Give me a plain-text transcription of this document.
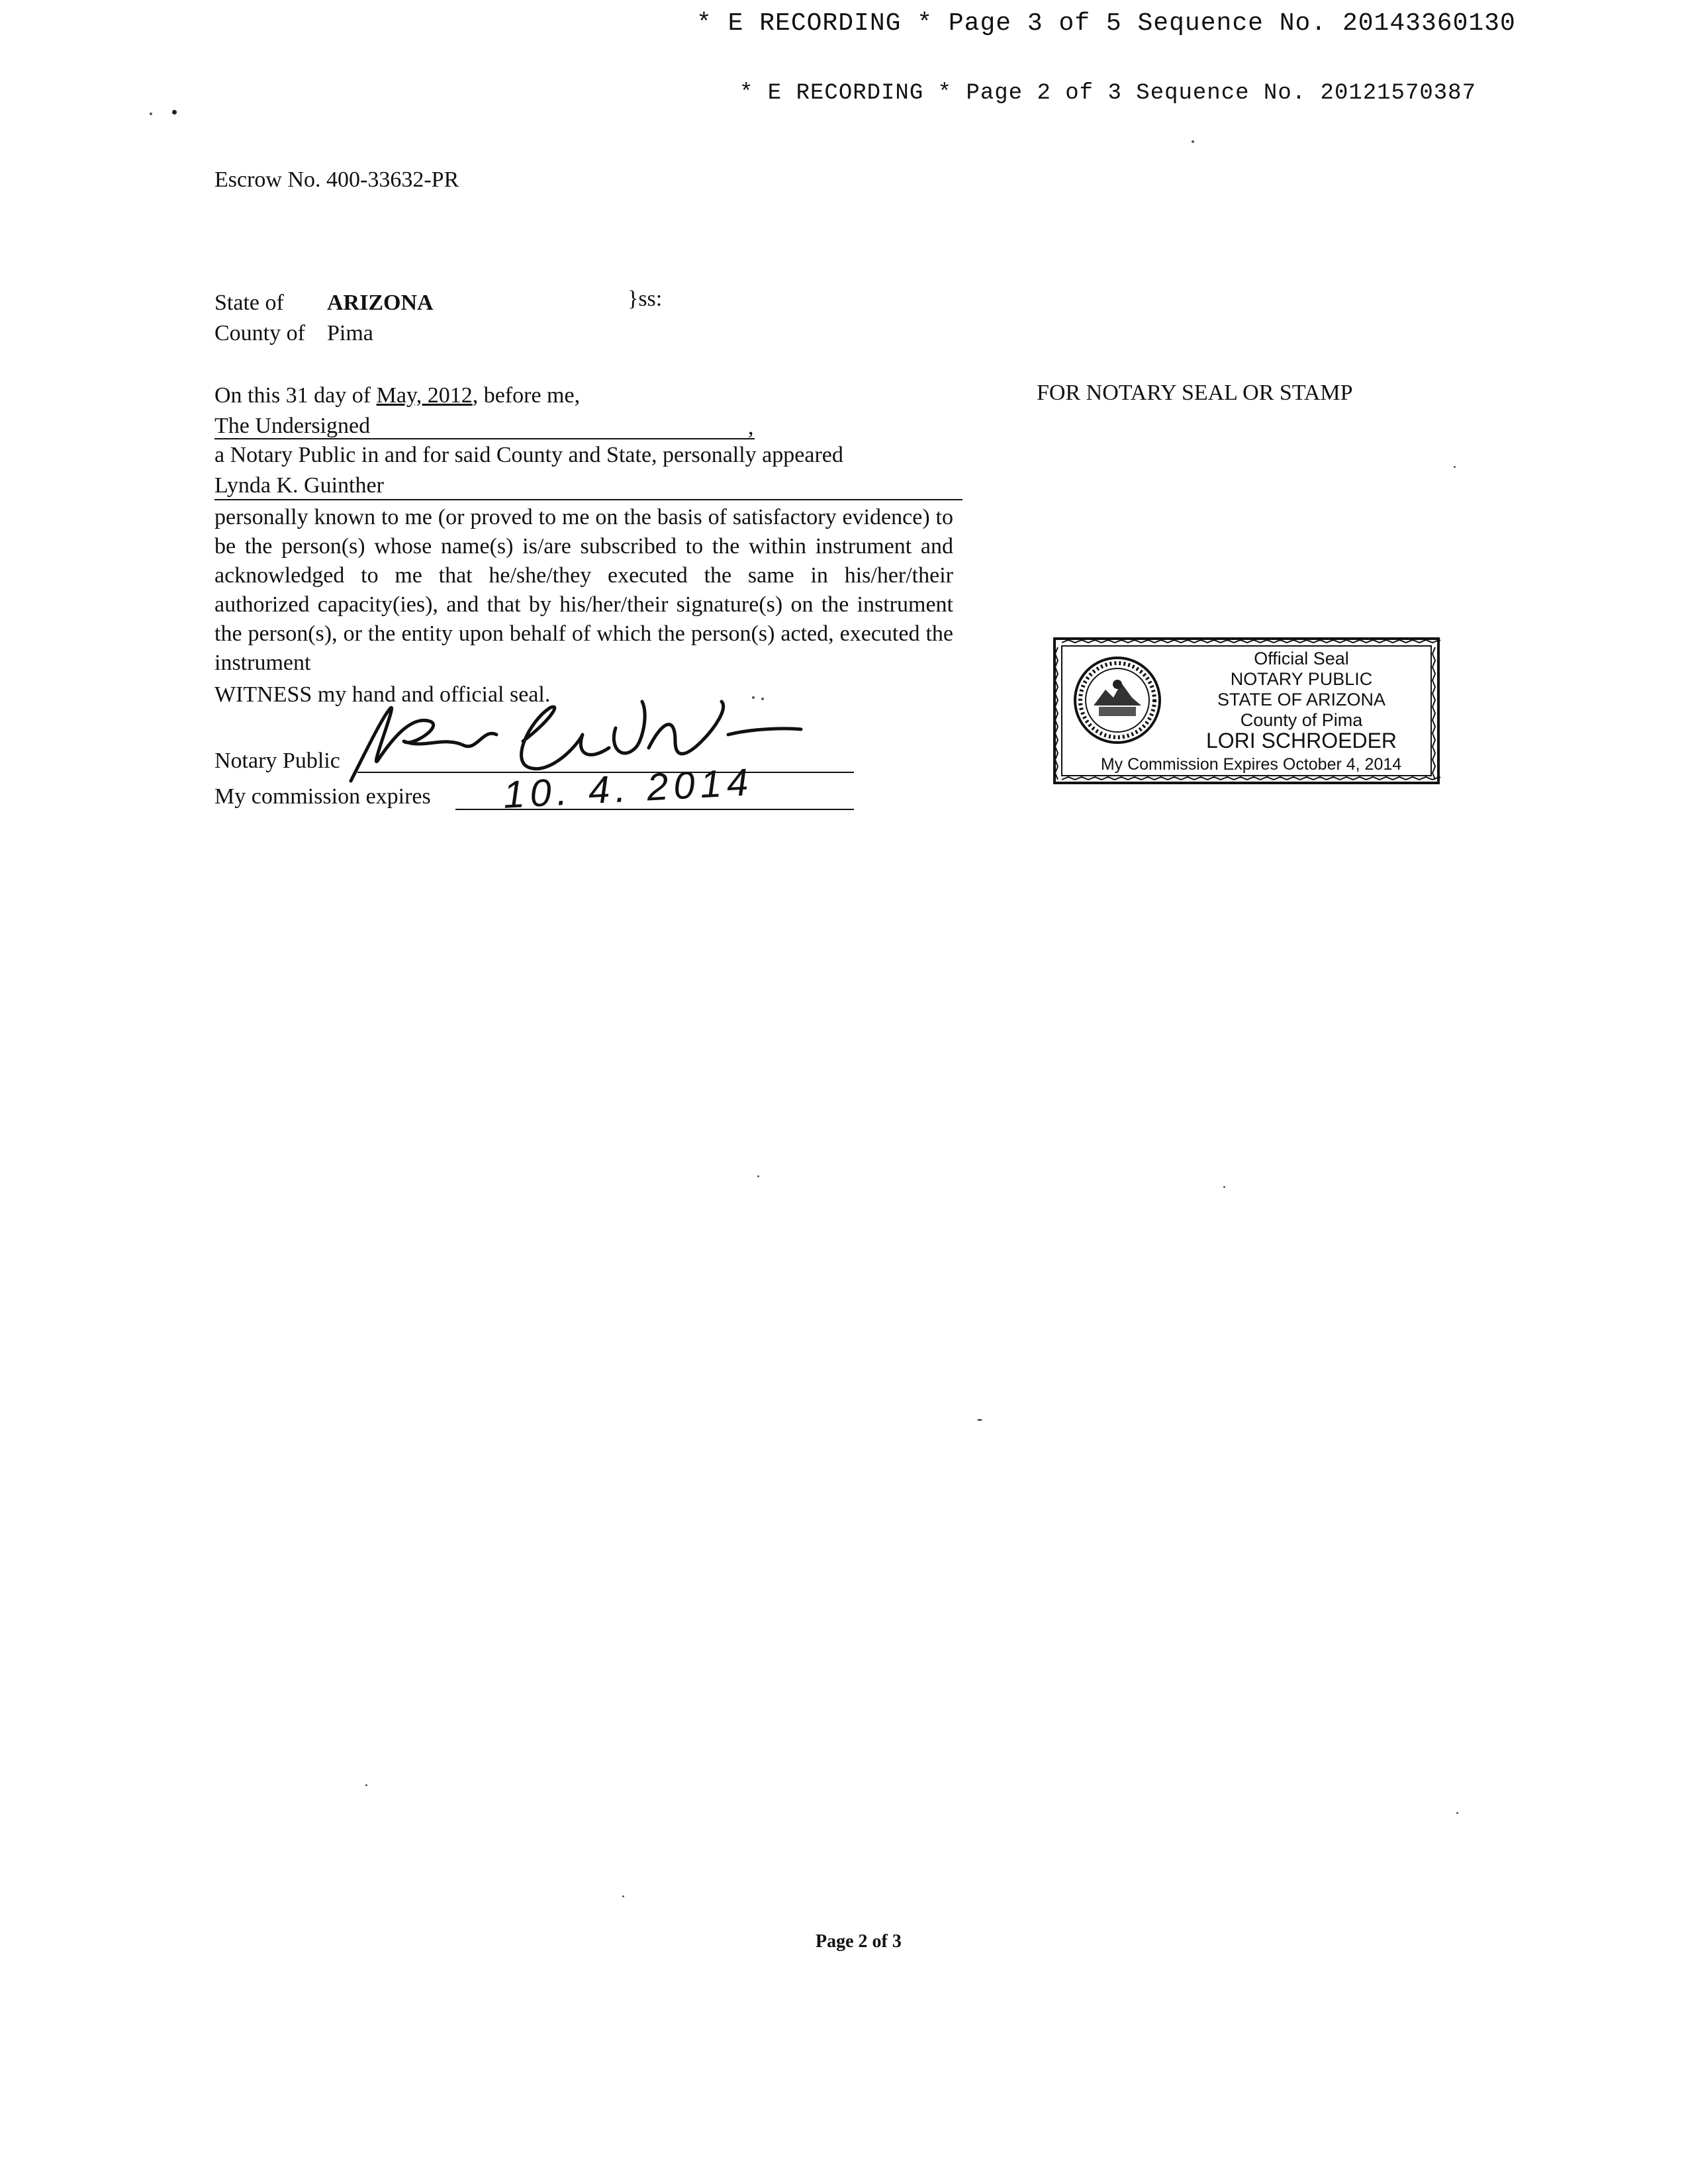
* E RECORDING * Page 3 of 5 Sequence No. 20143360130
* E RECORDING * Page 2 of 3 Sequence No. 20121570387
Escrow No. 400-33632-PR
State of ARIZONA	}ss:
County of Pima
On this 31 day of May, 2012, before me,
The Undersigned	,
a Notary Public in and for said County and State, personally appeared
Lynda K. Guinther
personally known to me (or proved to me on the basis of satisfactory evidence) to be the person(s) whose name(s) is/are subscribed to the within instrument and acknowledged to me that he/she/they executed the same in his/her/their authorized capacity(ies), and that by his/her/their signature(s) on the instrument the person(s), or the entity upon behalf of which the person(s) acted, executed the instrument
WITNESS my hand and official seal.
Notary Public
My commission expires 10. 4. 2014
FOR NOTARY SEAL OR STAMP
Official Seal
NOTARY PUBLIC
STATE OF ARIZONA
County of Pima
LORI SCHROEDER
My Commission Expires October 4, 2014
Page 2 of 3
